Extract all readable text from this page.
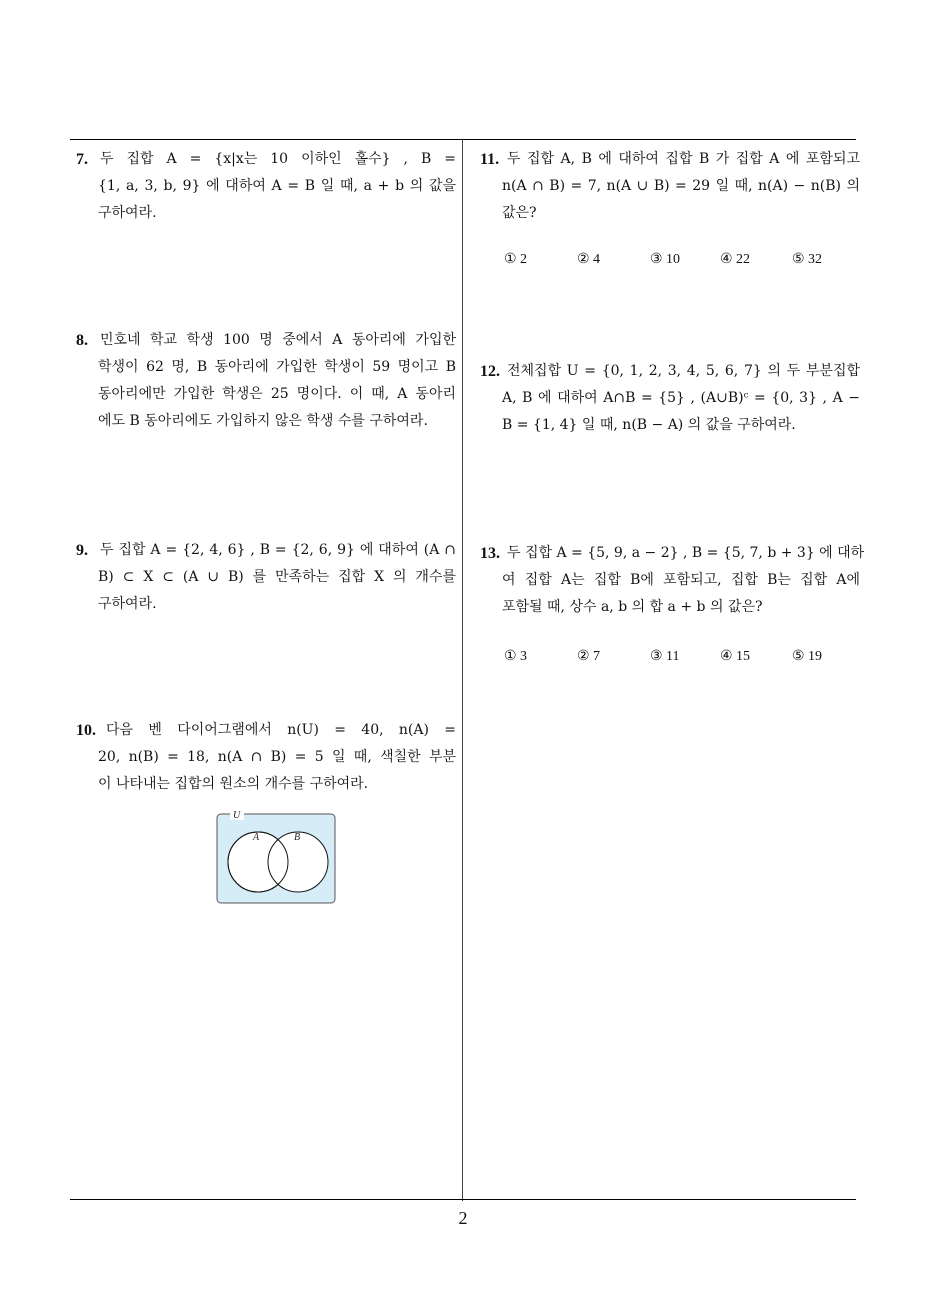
7. 두 집합 A = {x|x는 10 이하인 홀수} , B =
{1, a, 3, b, 9} 에 대하여 A = B 일 때, a + b 의 값을
구하여라.
8. 민호네 학교 학생 100 명 중에서 A 동아리에 가입한
학생이 62 명, B 동아리에 가입한 학생이 59 명이고 B
동아리에만 가입한 학생은 25 명이다. 이 때, A 동아리
에도 B 동아리에도 가입하지 않은 학생 수를 구하여라.
9. 두 집합 A = {2, 4, 6} , B = {2, 6, 9} 에 대하여 (A ∩
B) ⊂ X ⊂ (A ∪ B) 를 만족하는 집합 X 의 개수를
구하여라.
10. 다음 벤 다이어그램에서 n(U) = 40, n(A) =
20, n(B) = 18, n(A ∩ B) = 5 일 때, 색칠한 부분
이 나타내는 집합의 원소의 개수를 구하여라.
U
A	B
11. 두 집합 A, B 에 대하여 집합 B 가 집합 A 에 포함되고
n(A ∩ B) = 7, n(A ∪ B) = 29 일 때, n(A) − n(B) 의
값은?
① 2	② 4	③ 10	④ 22	⑤ 32
12. 전체집합 U = {0, 1, 2, 3, 4, 5, 6, 7} 의 두 부분집합
A, B 에 대하여 A∩B = {5} , (A∪B)ᶜ = {0, 3} , A −
B = {1, 4} 일 때, n(B − A) 의 값을 구하여라.
13. 두 집합 A = {5, 9, a − 2} , B = {5, 7, b + 3} 에 대하
여 집합 A는 집합 B에 포함되고, 집합 B는 집합 A에
포함될 때, 상수 a, b 의 합 a + b 의 값은?
① 3	② 7	③ 11	④ 15	⑤ 19
2
